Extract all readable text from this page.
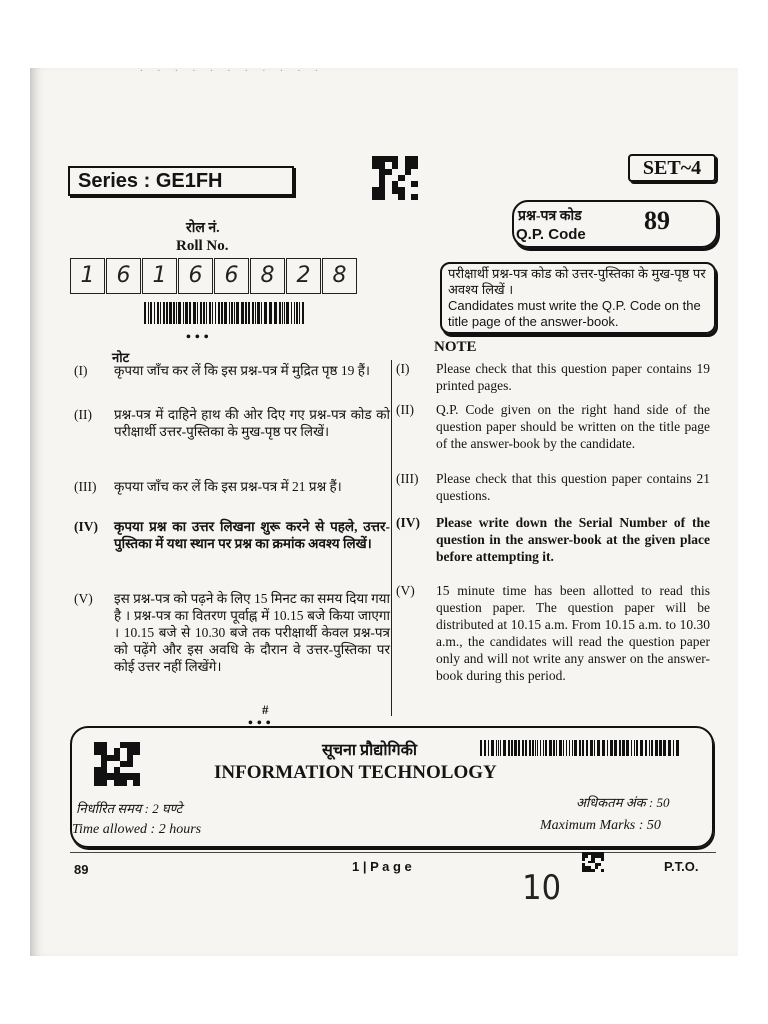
. . . . . . . . . . .
Series : GE1FH
SET~4
रोल नं.
Roll No.
1	6	1	6	6	8	2	8
•••
प्रश्न-पत्र कोड
Q.P. Code 89
परीक्षार्थी प्रश्न-पत्र कोड को उत्तर-पुस्तिका के मुख-पृष्ठ पर अवश्य लिखें ।
Candidates must write the Q.P. Code on the title page of the answer-book.
नोट
NOTE
(I) कृपया जाँच कर लें कि इस प्रश्न-पत्र में मुद्रित पृष्ठ 19 हैं।
(II) प्रश्न-पत्र में दाहिने हाथ की ओर दिए गए प्रश्न-पत्र कोड को परीक्षार्थी उत्तर-पुस्तिका के मुख-पृष्ठ पर लिखें।
(III) कृपया जाँच कर लें कि इस प्रश्न-पत्र में 21 प्रश्न हैं।
(IV) कृपया प्रश्न का उत्तर लिखना शुरू करने से पहले, उत्तर-पुस्तिका में यथा स्थान पर प्रश्न का क्रमांक अवश्य लिखें।
(V) इस प्रश्न-पत्र को पढ़ने के लिए 15 मिनट का समय दिया गया है । प्रश्न-पत्र का वितरण पूर्वाह्न में 10.15 बजे किया जाएगा । 10.15 बजे से 10.30 बजे तक परीक्षार्थी केवल प्रश्न-पत्र को पढ़ेंगे और इस अवधि के दौरान वे उत्तर-पुस्तिका पर कोई उत्तर नहीं लिखेंगे।
(I) Please check that this question paper contains 19 printed pages.
(II) Q.P. Code given on the right hand side of the question paper should be written on the title page of the answer-book by the candidate.
(III) Please check that this question paper contains 21 questions.
(IV) Please write down the Serial Number of the question in the answer-book at the given place before attempting it.
(V) 15 minute time has been allotted to read this question paper. The question paper will be distributed at 10.15 a.m. From 10.15 a.m. to 10.30 a.m., the candidates will read the question paper only and will not write any answer on the answer-book during this period.
#
•••
सूचना प्रौद्योगिकी
INFORMATION TECHNOLOGY
निर्धारित समय : 2 घण्टे
Time allowed : 2 hours
अधिकतम अंक : 50
Maximum Marks : 50
89	1 | P a g e	P.T.O.
10
